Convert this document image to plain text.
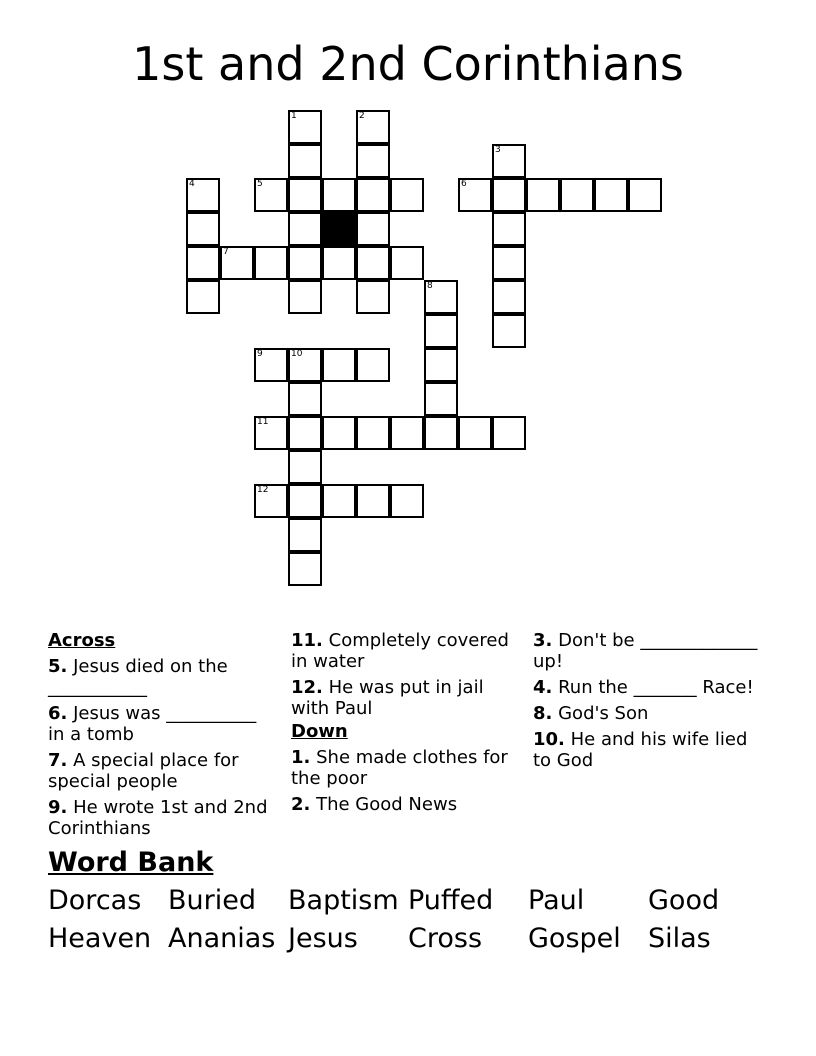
1st and 2nd Corinthians
1	2
3
4	5	6
7
8
9	10
11
12
Across
5. Jesus died on the ___________
6. Jesus was __________ in a tomb
7. A special place for special people
9. He wrote 1st and 2nd Corinthians
11. Completely covered in water
12. He was put in jail with Paul
Down
1. She made clothes for the poor
2. The Good News
3. Don't be _____________ up!
4. Run the _______ Race!
8. God's Son
10. He and his wife lied to God
Word Bank
Dorcas Buried Baptism Puffed Paul Good
Heaven Ananias Jesus Cross Gospel Silas
